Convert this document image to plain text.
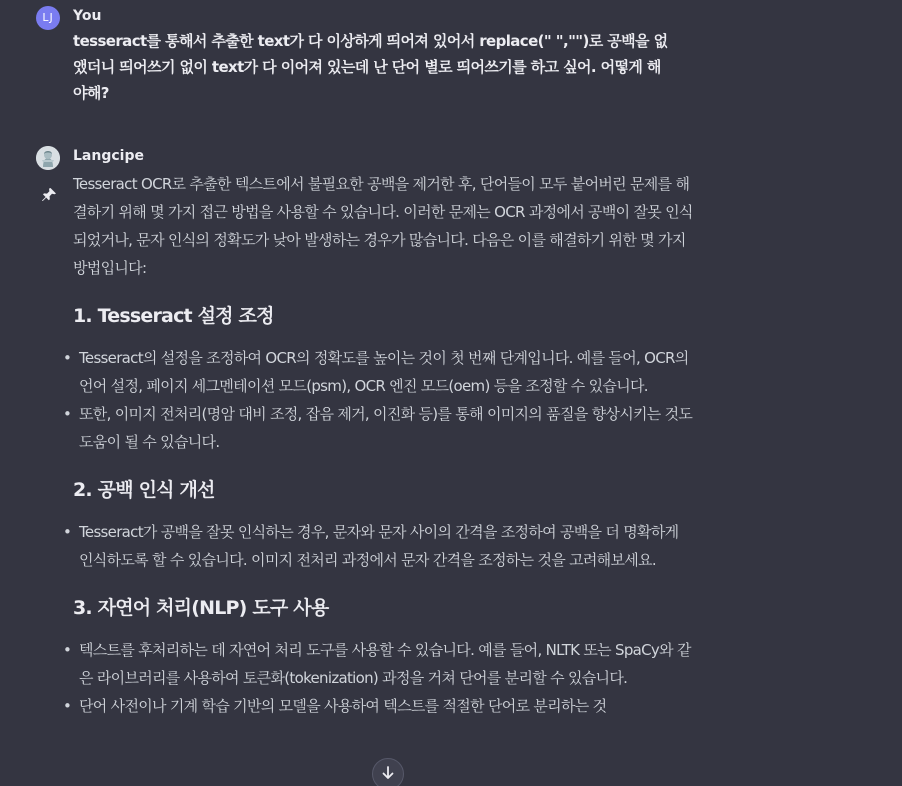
LJ	You
tesseract를 통해서 추출한 text가 다 이상하게 띄어져 있어서 replace(" ","")로 공백을 없앴더니 띄어쓰기 없이 text가 다 이어져 있는데 난 단어 별로 띄어쓰기를 하고 싶어. 어떻게 해야해?
Langcipe

Tesseract OCR로 추출한 텍스트에서 불필요한 공백을 제거한 후, 단어들이 모두 붙어버린 문제를 해결하기 위해 몇 가지 접근 방법을 사용할 수 있습니다. 이러한 문제는 OCR 과정에서 공백이 잘못 인식되었거나, 문자 인식의 정확도가 낮아 발생하는 경우가 많습니다. 다음은 이를 해결하기 위한 몇 가지 방법입니다:

1. Tesseract 설정 조정
• Tesseract의 설정을 조정하여 OCR의 정확도를 높이는 것이 첫 번째 단계입니다. 예를 들어, OCR의 언어 설정, 페이지 세그멘테이션 모드(psm), OCR 엔진 모드(oem) 등을 조정할 수 있습니다.
• 또한, 이미지 전처리(명암 대비 조정, 잡음 제거, 이진화 등)를 통해 이미지의 품질을 향상시키는 것도 도움이 될 수 있습니다.
2. 공백 인식 개선
• Tesseract가 공백을 잘못 인식하는 경우, 문자와 문자 사이의 간격을 조정하여 공백을 더 명확하게 인식하도록 할 수 있습니다. 이미지 전처리 과정에서 문자 간격을 조정하는 것을 고려해보세요.
3. 자연어 처리(NLP) 도구 사용
• 텍스트를 후처리하는 데 자연어 처리 도구를 사용할 수 있습니다. 예를 들어, NLTK 또는 SpaCy와 같은 라이브러리를 사용하여 토큰화(tokenization) 과정을 거쳐 단어를 분리할 수 있습니다.
• 단어 사전이나 기계 학습 기반의 모델을 사용하여 텍스트를 적절한 단어로 분리하는 것
